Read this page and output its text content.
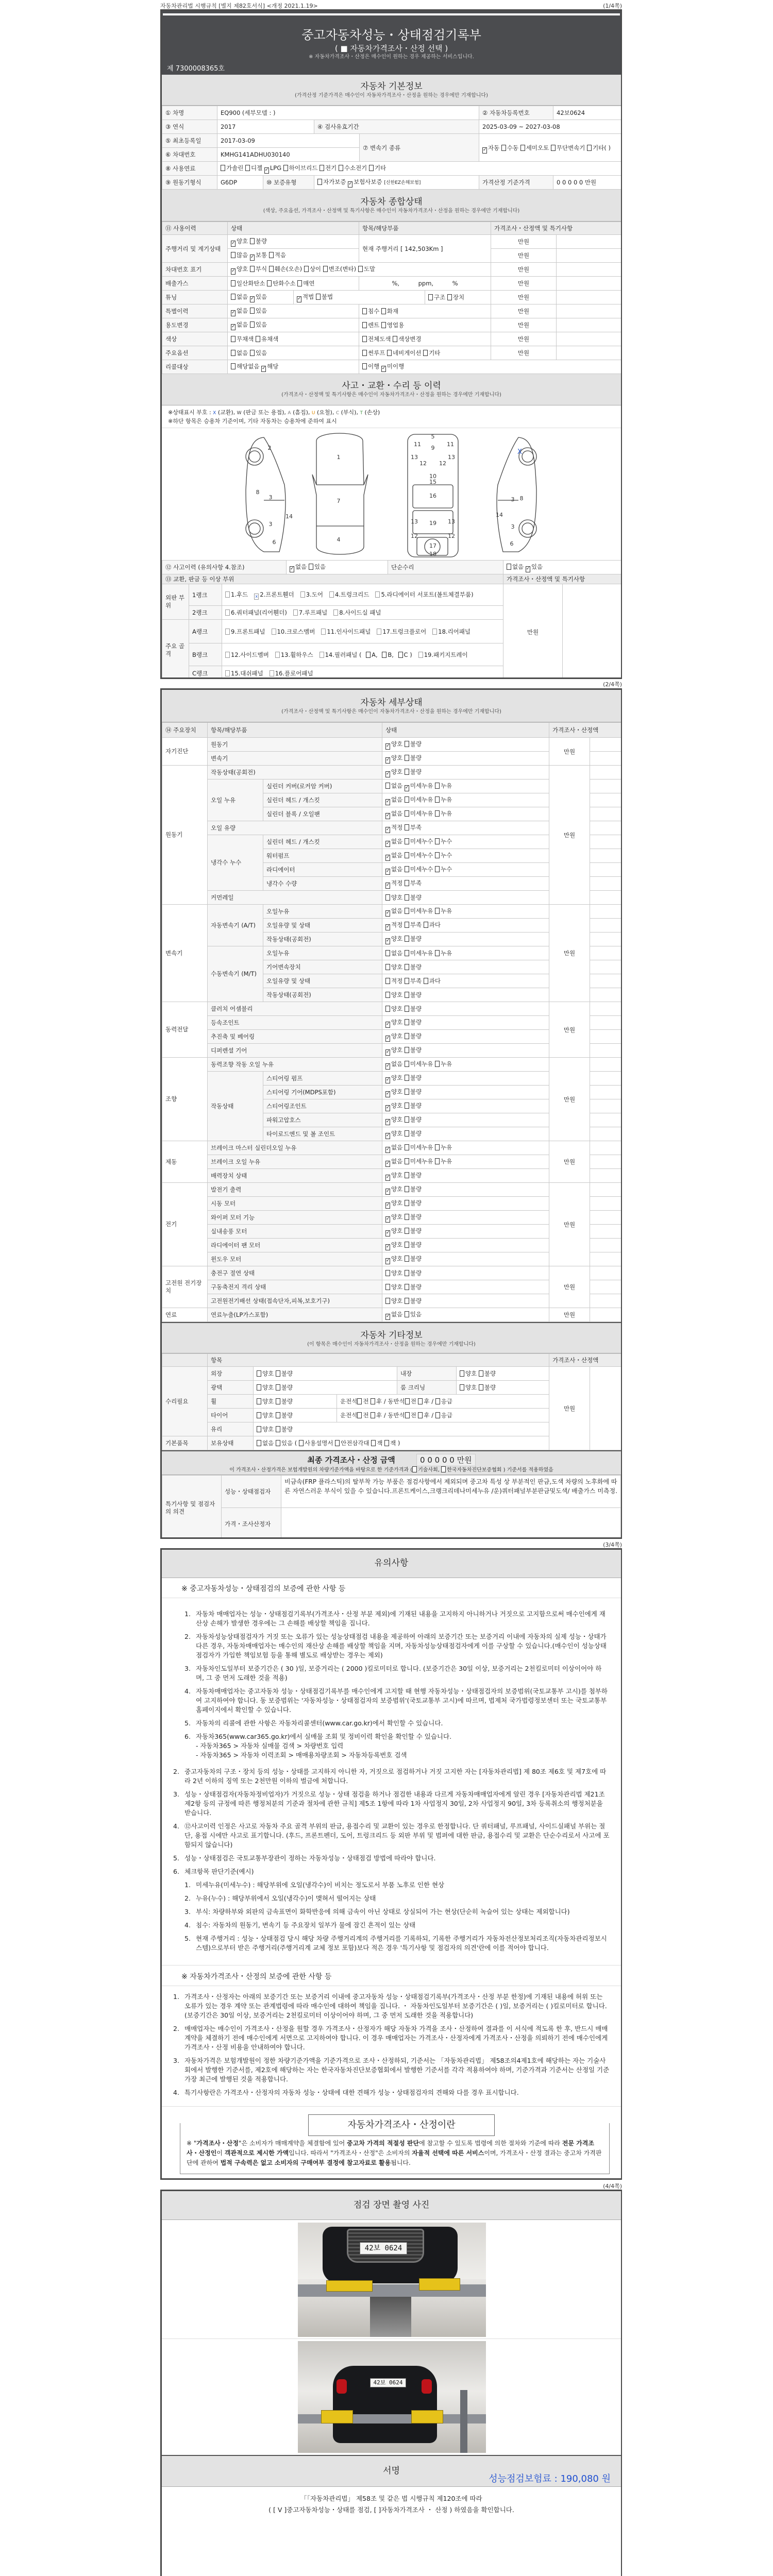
자동차관리법 시행규칙 [별지 제82호서식] <개정 2021.1.19>	(1/4쪽)
중고자동차성능・상태점검기록부
( ■ 자동차가격조사・산정 선택 )
※ 자동차가격조사・산정은 매수인이 원하는 경우 제공하는 서비스입니다.
제 7300008365호
자동차 기본정보
(가격산정 기준가격은 매수인이 자동차가격조사・산정을 원하는 경우에만 기재합니다)
① 차명	EQ900 (세부모델 : )				② 자동차등록번호	42보0624
③ 연식	2017		④ 검사유효기간		2025-03-09 ~ 2027-03-08	
⑤ 최초등록일	2017-03-09			⑦ 변속기 종류	✓자동 수동 세미오토 무단변속기 기타( )
⑥ 차대번호	KMHG141ADHU030140					
⑧ 사용연료	가솔린 디젤 ✓ LPG 하이브리드 전기 수소전기 기타
⑨ 원동기형식	G6DP	⑩ 보증유형	자가보증 ✓ 보험사보증 [신한EZ손해보험]		가격산정 기준가격	0 0 0 0 0 만원
자동차 종합상태
(색상, 주요옵션, 가격조사・산정액 및 특기사항은 매수인이 자동차가격조사・산정을 원하는 경우에만 기재합니다)
⑪ 사용이력	상태		항목/해당부품		가격조사・산정액 및 특기사항	
주행거리 및 계기상태	✓양호 불량		현재 주행거리 [ 142,503Km ]		만원	
	많음 ✓ 보통 적음				만원	
차대번호 표기	✓양호 부식 훼손(오손) 상이 변조(변타) 도말				만원	
배출가스	일산화탄소 탄화수소 매연		%,          ppm,          %		만원	
튜닝	없음 ✓ 있음	✓적법 불법		구조 장치	만원	
특별이력	✓없음 있음		침수 화재		만원	
용도변경	✓없음 있음		렌트 영업용		만원	
색상	무채색 유채색		전체도색 색상변경		만원	
주요옵션	없음 있음		썬루프 네비게이션 기타		만원	
리콜대상	해당없음 ✓ 해당		이행 ✓ 미이행
사고・교환・수리 등 이력
(가격조사・산정액 및 특기사항은 매수인이 자동차가격조사・산정을 원하는 경우에만 기재합니다)
※상태표시 부호 : X (교환), W (판금 또는 용접), A (흠집), U (요철), C (부식), T (손상)
※하단 항목은 승용차 기준이며, 기타 자동차는 승용차에 준하여 표시
2
8
3
3
6
14
1
7
4
5
9
11	11
13	13
12 12
10
15
16
13	13
19
12	12
17
18
3 8
3
6
14
X
⑫ 사고이력 (유의사항 4.참조)	✓없음 있음	단순수리	없음 ✓ 있음
⑬ 교환, 판금 등 이상 부위					가격조사・산정액 및 특기사항	
외판 부위	1랭크	1.후드 x 2.프론트휀더 3.도어 4.트렁크리드 5.라디에이터 서포트(볼트체결부품)			만원	
	2랭크	6.쿼터패널(리어휀더) 7.루프패널 8.사이드실 패널				
주요 골격	A랭크	9.프론트패널 10.크로스멤버 11.인사이드패널 17.트렁크플로어 18.리어패널				
	B랭크	12.사이드멤버 13.휠하우스 14.필러패널 ( A, B, C ) 19.패키지트레이				
	C랭크	15.대쉬패널 16.플로어패널				
(2/4쪽)
자동차 세부상태
(가격조사・산정액 및 특기사항은 매수인이 자동차가격조사・산정을 원하는 경우에만 기재합니다)
⑭ 주요장치	항목/해당부품		상태	가격조사・산정액	
자기진단	원동기	✓양호 불량	만원	
	변속기	✓양호 불량	
원동기	작동상태(공회전)	✓양호 불량	만원	
	오일 누유	실린더 커버(로커암 커버)	없음 ✓ 미세누유 누유	
		실린더 헤드 / 개스킷	✓없음 미세누유 누유	
		실린더 블록 / 오일팬	✓없음 미세누유 누유	
	오일 유량	✓적정 부족	
	냉각수 누수	실린더 헤드 / 개스킷	✓없음 미세누수 누수	
		워터펌프	✓없음 미세누수 누수	
		라디에이터	✓없음 미세누수 누수	
		냉각수 수량	✓적정 부족	
	커먼레일		양호 불량		
변속기	자동변속기 (A/T)	오일누유	✓없음 미세누유 누유	만원	
		오일유량 및 상태	✓적정 부족 과다	
		작동상태(공회전)	✓양호 불량	
	수동변속기 (M/T)	오일누유	없음 미세누유 누유		
		기어변속장치	양호 불량		
		오일유량 및 상태	적정 부족 과다		
		작동상태(공회전)	양호 불량		
동력전달	클러치 어셈블리		양호 불량	만원	
	등속조인트	✓양호 불량	
	추진축 및 베어링	✓양호 불량	
	디퍼렌셜 기어	✓양호 불량	
조향	동력조향 작동 오일 누유	✓없음 미세누유 누유	만원	
	작동상태	스티어링 펌프	✓양호 불량	
		스티어링 기어(MDPS포함)	✓양호 불량	
		스티어링조인트	✓양호 불량	
		파워고압호스	✓양호 불량	
		타이로드엔드 및 볼 조인트	✓양호 불량	
제동	브레이크 마스터 실린더오일 누유	✓없음 미세누유 누유	만원	
	브레이크 오일 누유	✓없음 미세누유 누유	
	배력장치 상태	✓양호 불량	
전기	발전기 출력	✓양호 불량	만원	
	시동 모터	✓양호 불량	
	와이퍼 모터 기능	✓양호 불량	
	실내송풍 모터	✓양호 불량	
	라디에이터 팬 모터	✓양호 불량	
	윈도우 모터	✓양호 불량	
고전원 전기장치	충전구 절연 상태		양호 불량	만원	
	구동축전지 격리 상태		양호 불량		
	고전원전기배선 상태(접속단자,피복,보호기구)		양호 불량		
연료	연료누출(LP가스포함)	✓없음 있음	만원	
자동차 기타정보
(이 항목은 매수인이 자동차가격조사・산정을 원하는 경우에만 기재합니다)
	항목					가격조사・산정액	
수리필요	외장	양호 불량		내장	양호 불량	만원	
	광택	양호 불량		룸 크리닝	양호 불량		
	휠	양호 불량	운전석 전 후 / 동반석 전 후 / 응급				
	타이어	양호 불량	운전석 전 후 / 동반석 전 후 / 응급				
	유리	양호 불량					
기본품목	보유상태	없음 있음 ( 사용설명서 안전삼각대 잭 잭 )					
최종 가격조사・산정 금액	0 0 0 0 0 만원
이 가격조사・산정가격은 보험개발원의 차량기준가액을 바탕으로 한 기준가격과 ( 기술사회, 한국자동차진단보증협회 ) 기준서를 적용하였음
특기사항 및 점검자의 의견	성능・상태점검자	비금속(FRP 플라스틱)의 탈부착 가능 부품은 점검사항에서 제외되며 중고차 특성 상 부분적인 판금,도색 차량의 노후화에 따른 자연스러운 부식이 있을 수 있습니다.프론트케이스,크랭크리데나미세누유 /운)쿼터패널부분판금및도색/ 배출가스 미측정.
	가격・조사산정자	
(3/4쪽)
유의사항
※ 중고자동차성능・상태점검의 보증에 관한 사항 등
1. 자동차 매매업자는 성능・상태점검기록부(가격조사・산정 부분 제외)에 기재된 내용을 고지하지 아니하거나 거짓으로 고지함으로써 매수인에게 재산상 손해가 발생한 경우에는 그 손해를 배상할 책임을 집니다.
2. 자동차성능상태점검자가 거짓 또는 오류가 있는 성능상태점검 내용을 제공하여 아래의 보증기간 또는 보증거리 이내에 자동차의 실제 성능・상태가 다른 경우, 자동차매매업자는 매수인의 재산상 손해를 배상할 책임을 지며, 자동차성능상태점검자에게 이를 구상할 수 있습니다.(매수인이 성능상태점검자가 가입한 책임보험 등을 통해 별도로 배상받는 경우는 제외)
3. 자동차인도일부터 보증기간은 ( 30 )일, 보증거리는 ( 2000 )킬로미터로 합니다. (보증기간은 30일 이상, 보증거리는 2천킬로미터 이상이어야 하며, 그 중 먼저 도래한 것을 적용)
4. 자동차매매업자는 중고자동차 성능・상태점검기록부를 매수인에게 고지할 때 현행 자동차성능・상태점검자의 보증범위(국토교통부 고시)를 첨부하여 고지하여야 합니다. 동 보증범위는 '자동차성능・상태점검자의 보증범위'(국토교통부 고시)에 따르며, 법제처 국가법령정보센터 또는 국토교통부 홈페이지에서 확인할 수 있습니다.
5. 자동차의 리콜에 관한 사항은 자동차리콜센터(www.car.go.kr)에서 확인할 수 있습니다.
6. 자동차365(www.car365.go.kr)에서 실매물 조회 및 정비이력 확인을 확인할 수 있습니다.
- 자동차365 > 자동차 실매물 검색 > 차량번호 입력
- 자동차365 > 자동차 이력조회 > 매매용차량조회 > 자동차등록번호 검색
2. 중고자동차의 구조・장치 등의 성능・상태를 고지하지 아니한 자, 거짓으로 점검하거나 거짓 고지한 자는 [자동차관리법] 제 80조 제6호 및 제7호에 따라 2년 이하의 징역 또는 2천만원 이하의 벌금에 처합니다.
3. 성능・상태점검자(자동차정비업자)가 거짓으로 성능・상태 점검을 하거나 점검한 내용과 다르게 자동차매매업자에게 알린 경우 [자동차관리법 제21조 제2항 등의 규정에 따른 행정처분의 기준과 절차에 관한 규칙] 제5조 1항에 따라 1차 사업정지 30일, 2차 사업정지 90일, 3차 등록취소의 행정처분을 받습니다.
4. ⑫사고이력 인정은 사고로 자동차 주요 골격 부위의 판금, 용접수리 및 교환이 있는 경우로 한정합니다. 단 쿼터패널, 루프패널, 사이드실패널 부위는 절단, 용접 시에만 사고로 표기합니다. (후드, 프론트펜더, 도어, 트렁크리드 등 외판 부위 및 범퍼에 대한 판금, 용접수리 및 교환은 단순수리로서 사고에 포함되지 않습니다)
5. 성능・상태점검은 국토교통부장관이 정하는 자동차성능・상태점검 방법에 따라야 합니다.
6. 체크항목 판단기준(예시)
1. 미세누유(미세누수) : 해당부위에 오일(냉각수)이 비치는 정도로서 부품 노후로 인한 현상
2. 누유(누수) : 해당부위에서 오일(냉각수)이 맺혀서 떨어지는 상태
3. 부식: 차량하부와 외판의 금속표면이 화학반응에 의해 금속이 아닌 상태로 상실되어 가는 현상(단순히 녹슬어 있는 상태는 제외합니다)
4. 침수: 자동차의 원동기, 변속기 등 주요장치 일부가 물에 잠긴 흔적이 있는 상태
5. 현재 주행거리 : 성능・상태점검 당시 해당 차량 주행거리계의 주행거리를 기록하되, 기록한 주행거리가 자동차전산정보처리조직(자동차관리정보시스템)으로부터 받은 주행거리(주행거리계 교체 정보 포함)보다 적은 경우 '특기사항 및 점검자의 의견'란에 이를 적어야 합니다.
※ 자동차가격조사・산정의 보증에 관한 사항 등
1. 가격조사・산정자는 아래의 보증기간 또는 보증거리 이내에 중고자동차 성능・상태점검기록부(가격조사・산정 부분 한정)에 기재된 내용에 허위 또는 오류가 있는 경우 계약 또는 관계법령에 따라 매수인에 대하여 책임을 집니다. ・ 자동차인도일부터 보증기간은 ( )일, 보증거리는 ( )킬로미터로 합니다. (보증기간은 30일 이상, 보증거리는 2천킬로미터 이상이어야 하며, 그 중 먼저 도래한 것을 적용합니다)
2. 매매업자는 매수인이 가격조사・산정을 원할 경우 가격조사・산정자가 해당 자동차 가격을 조사・산정하여 결과를 이 서식에 적도록 한 후, 반드시 매매계약을 체결하기 전에 매수인에게 서면으로 고지하여야 합니다. 이 경우 매매업자는 가격조사・산정자에게 가격조사・산정을 의뢰하기 전에 매수인에게 가격조사・산정 비용을 안내하여야 합니다.
3. 자동차가격은 보험개발원이 정한 차량기준가액을 기준가격으로 조사・산정하되, 기준서는 「자동차관리법」 제58조의4제1호에 해당하는 자는 기술사회에서 발행한 기준서를, 제2호에 해당하는 자는 한국자동차진단보증협회에서 발행한 기준서를 각각 적용하여야 하며, 기준가격과 기준서는 산정일 기준 가장 최근에 발행된 것을 적용합니다.
4. 특기사항란은 가격조사・산정자의 자동차 성능・상태에 대한 견해가 성능・상태점검자의 견해와 다를 경우 표시합니다.
자동차가격조사・산정이란
※ "가격조사・산정"은 소비자가 매매계약을 체결함에 있어 중고차 가격의 적절성 판단에 참고할 수 있도록 법령에 의한 절차와 기준에 따라 전문 가격조사・산정인이 객관적으로 제시한 가액입니다. 따라서 "가격조사・산정"은 소비자의 자율적 선택에 따른 서비스이며, 가격조사・산정 결과는 중고차 가격판단에 관하여 법적 구속력은 없고 소비자의 구매여부 결정에 참고자료로 활용됩니다.
(4/4쪽)
점검 장면 촬영 사진
42보 0624
42보 0624
서명
성능점검보험료 : 190,080 원
「「자동차관리법」 제58조 및 같은 법 시행규칙 제120조에 따라
( [ V ]중고자동차성능・상태를 점검, [ ]자동차가격조사 ・ 산정 ) 하였음을 확인합니다.
